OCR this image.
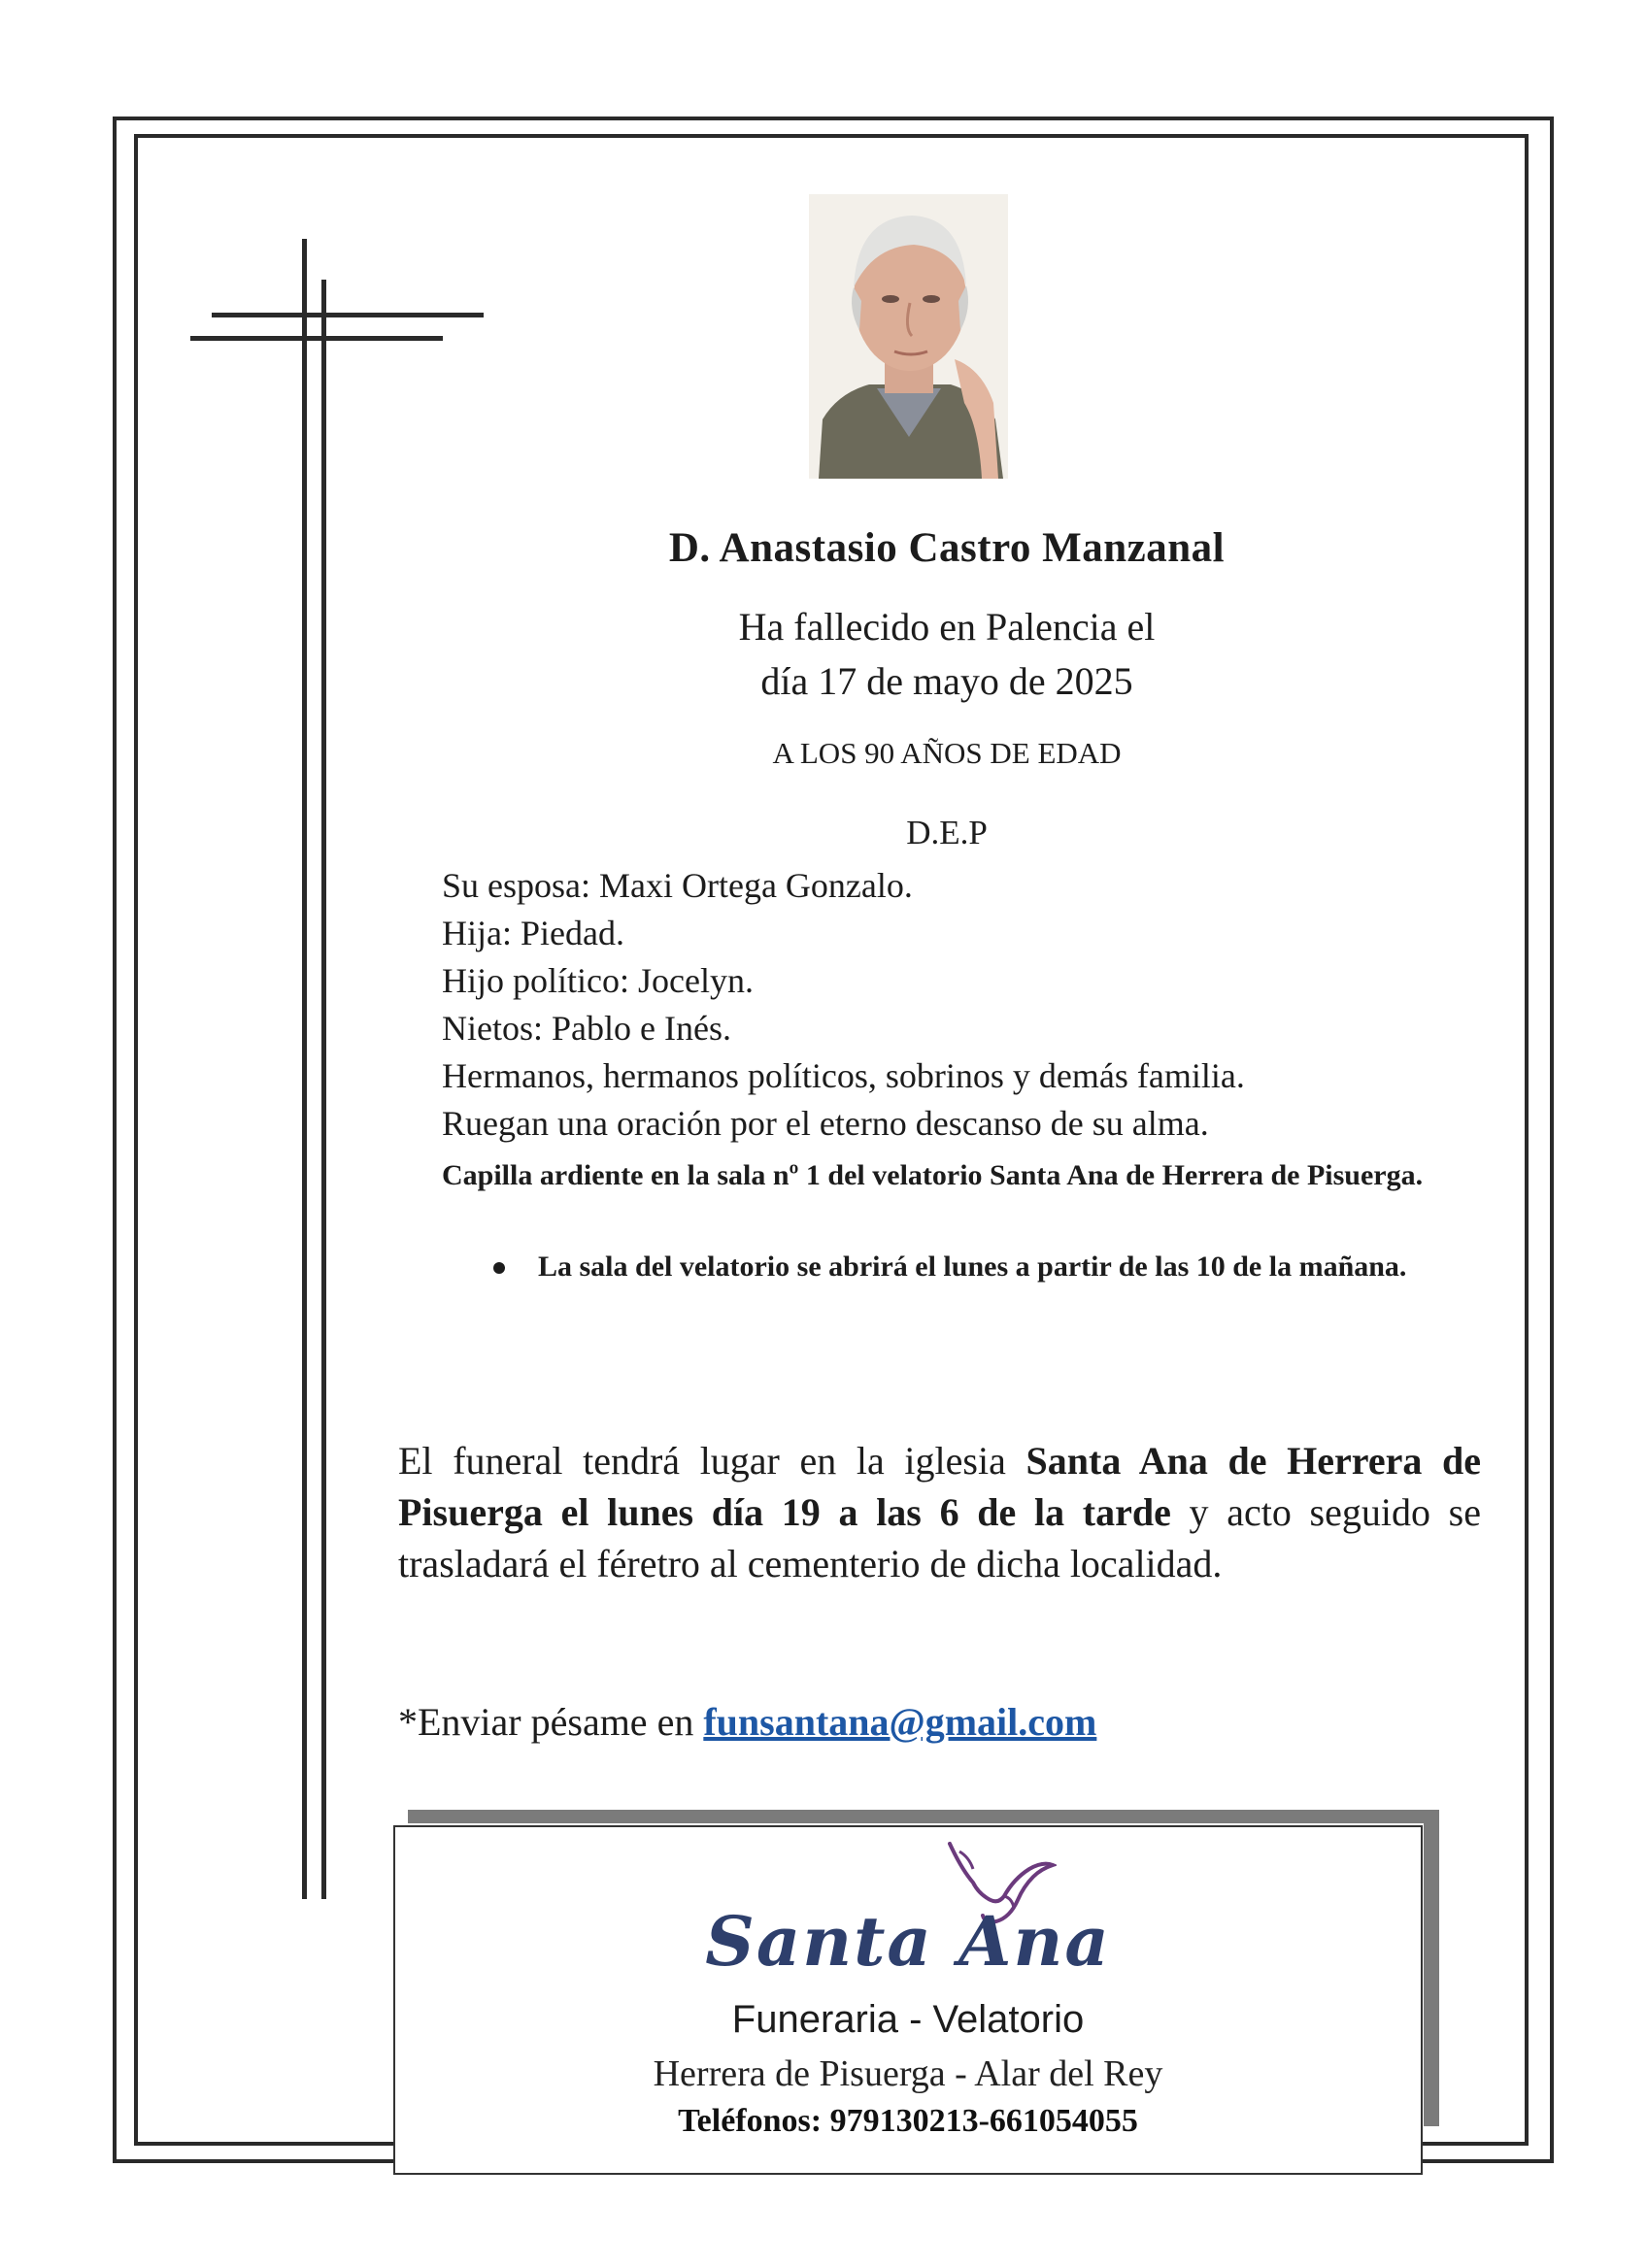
D. Anastasio Castro Manzanal
Ha fallecido en Palencia el
día 17 de mayo de 2025
A LOS 90 AÑOS DE EDAD
D.E.P
Su esposa: Maxi Ortega Gonzalo.
Hija: Piedad.
Hijo político: Jocelyn.
Nietos: Pablo e Inés.
Hermanos, hermanos políticos, sobrinos y demás familia.
Ruegan una oración por el eterno descanso de su alma.
Capilla ardiente en la sala nº 1 del velatorio Santa Ana de Herrera de Pisuerga.
La sala del velatorio se abrirá el lunes a partir de las 10 de la mañana.
El funeral tendrá lugar en la iglesia Santa Ana de Herrera de Pisuerga el lunes día 19 a las 6 de la tarde y acto seguido se trasladará el féretro al cementerio de dicha localidad.
*Enviar pésame en funsantana@gmail.com
Santa Ana
Funeraria - Velatorio
Herrera de Pisuerga - Alar del Rey
Teléfonos: 979130213-661054055
